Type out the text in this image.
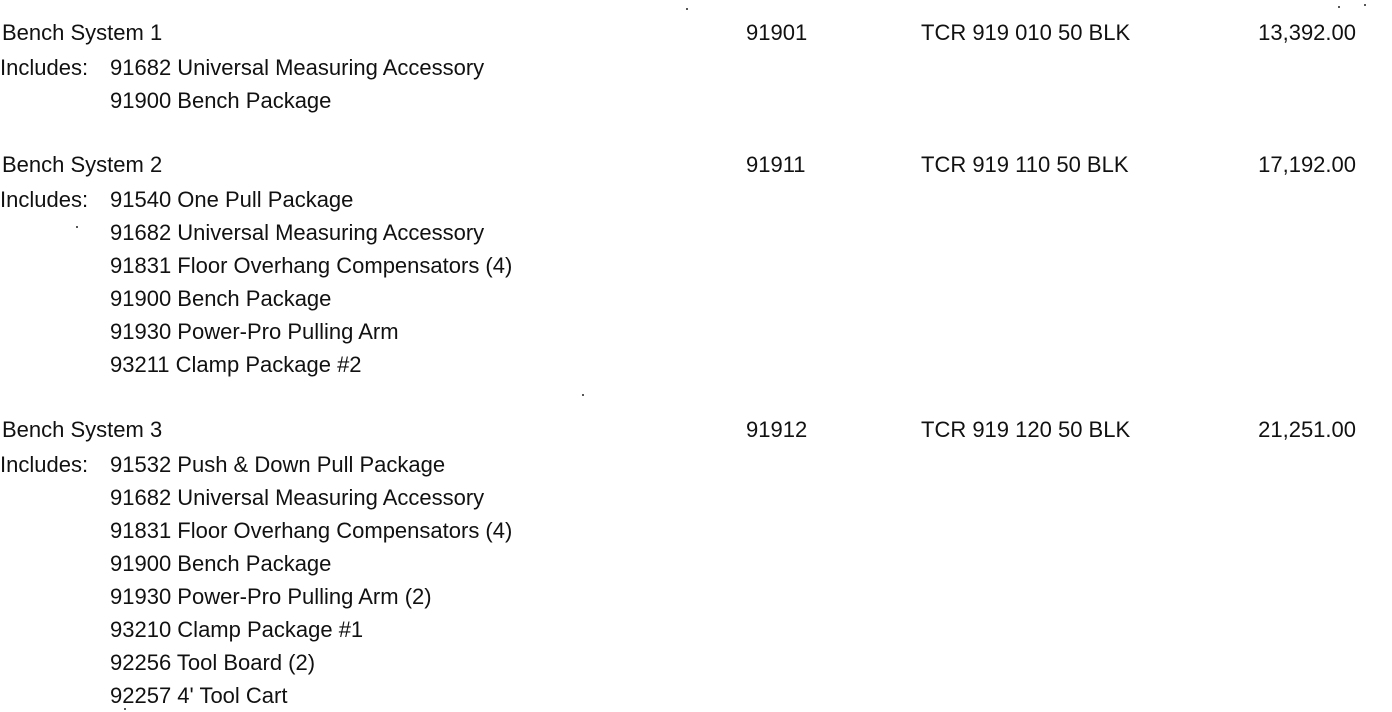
Bench System 1	91901	TCR 919 010 50 BLK	13,392.00
Includes: 91682 Universal Measuring Accessory
91900 Bench Package
Bench System 2	91911	TCR 919 110 50 BLK	17,192.00
Includes: 91540 One Pull Package
91682 Universal Measuring Accessory
91831 Floor Overhang Compensators (4)
91900 Bench Package
91930 Power-Pro Pulling Arm
93211 Clamp Package #2
Bench System 3	91912	TCR 919 120 50 BLK	21,251.00
Includes: 91532 Push & Down Pull Package
91682 Universal Measuring Accessory
91831 Floor Overhang Compensators (4)
91900 Bench Package
91930 Power-Pro Pulling Arm (2)
93210 Clamp Package #1
92256 Tool Board (2)
92257 4' Tool Cart
